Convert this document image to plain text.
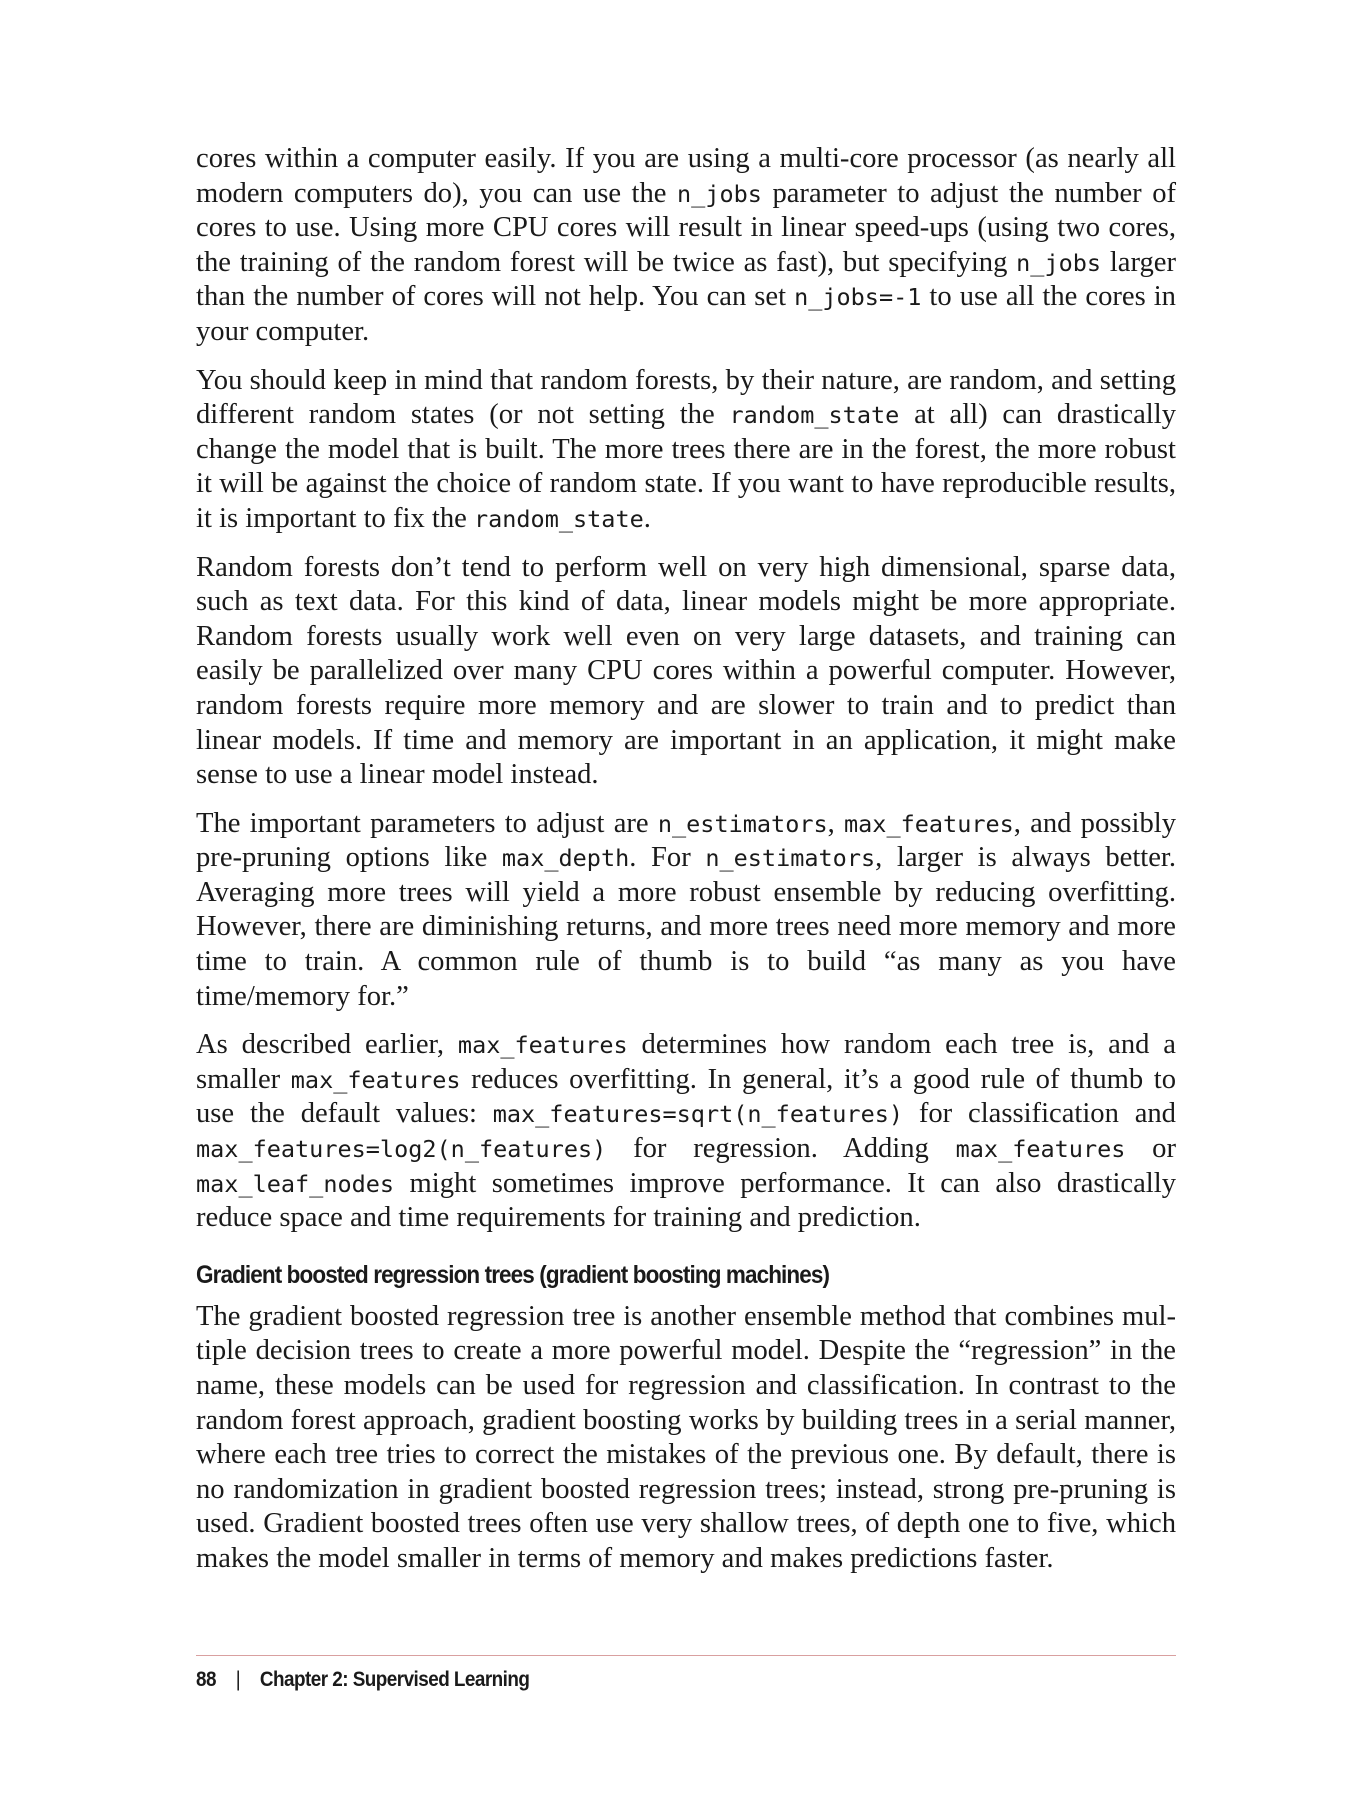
cores within a computer easily. If you are using a multi-core processor (as nearly all modern computers do), you can use the n_jobs parameter to adjust the number of cores to use. Using more CPU cores will result in linear speed-ups (using two cores, the training of the random forest will be twice as fast), but specifying n_jobs larger than the number of cores will not help. You can set n_jobs=-1 to use all the cores in your computer.

You should keep in mind that random forests, by their nature, are random, and setting different random states (or not setting the random_state at all) can drastically change the model that is built. The more trees there are in the forest, the more robust it will be against the choice of random state. If you want to have reproducible results, it is important to fix the random_state.

Random forests don’t tend to perform well on very high dimensional, sparse data, such as text data. For this kind of data, linear models might be more appropriate. Random forests usually work well even on very large datasets, and training can easily be parallelized over many CPU cores within a powerful computer. However, random forests require more memory and are slower to train and to predict than linear models. If time and memory are important in an application, it might make sense to use a linear model instead.

The important parameters to adjust are n_estimators, max_features, and possibly pre-pruning options like max_depth. For n_estimators, larger is always better. Averaging more trees will yield a more robust ensemble by reducing overfitting. However, there are diminishing returns, and more trees need more memory and more time to train. A common rule of thumb is to build “as many as you have time/memory for.”

As described earlier, max_features determines how random each tree is, and a smaller max_features reduces overfitting. In general, it’s a good rule of thumb to use the default values: max_features=sqrt(n_features) for classification and max_features=log2(n_features) for regression. Adding max_features or max_leaf_nodes might sometimes improve performance. It can also drastically reduce space and time requirements for training and prediction.

Gradient boosted regression trees (gradient boosting machines)

The gradient boosted regression tree is another ensemble method that combines multiple decision trees to create a more powerful model. Despite the “regression” in the name, these models can be used for regression and classification. In contrast to the random forest approach, gradient boosting works by building trees in a serial manner, where each tree tries to correct the mistakes of the previous one. By default, there is no randomization in gradient boosted regression trees; instead, strong pre-pruning is used. Gradient boosted trees often use very shallow trees, of depth one to five, which makes the model smaller in terms of memory and makes predictions faster.

88 | Chapter 2: Supervised Learning
